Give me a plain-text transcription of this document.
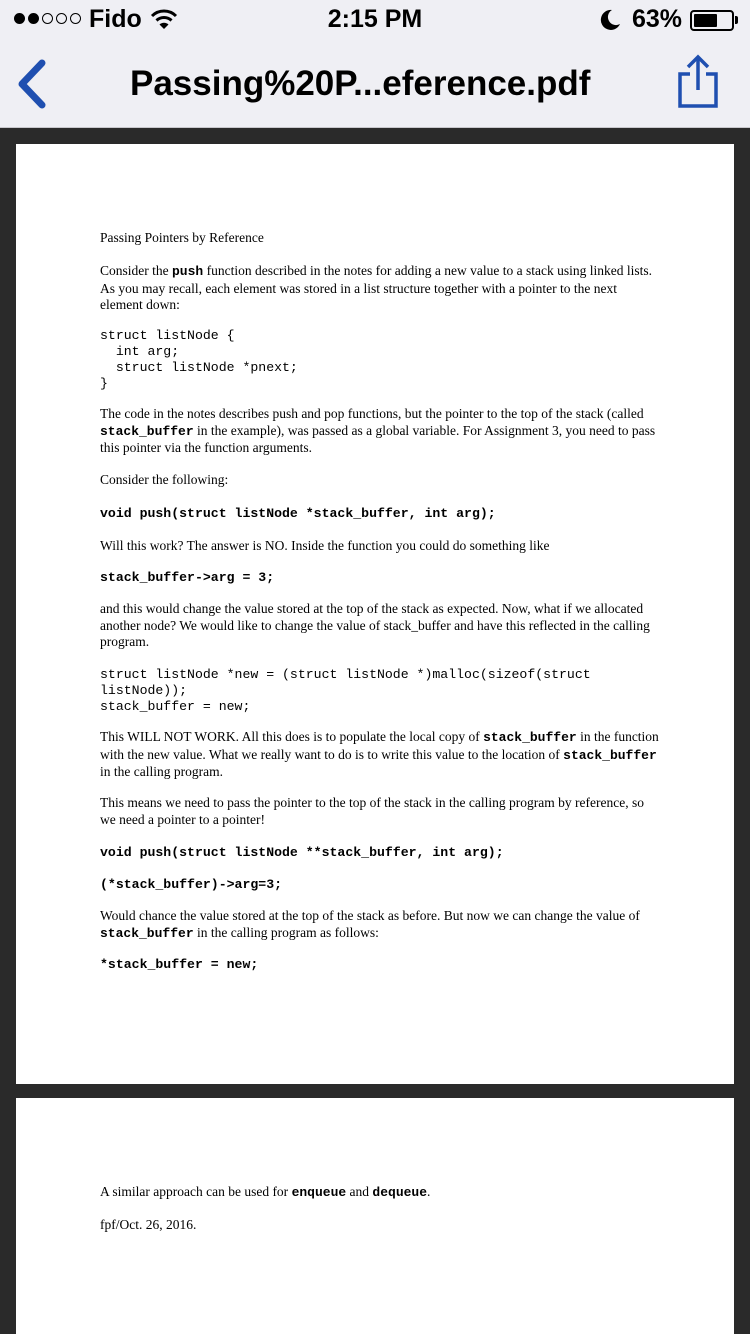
Fido	2:15 PM	63%
Passing%20P...eference.pdf
Passing Pointers by Reference
Consider the push function described in the notes for adding a new value to a stack using linked lists. As you may recall, each element was stored in a list structure together with a pointer to the next element down:
struct listNode {
int arg;
struct listNode *pnext;
}
The code in the notes describes push and pop functions, but the pointer to the top of the stack (called stack_buffer in the example), was passed as a global variable. For Assignment 3, you need to pass this pointer via the function arguments.
Consider the following:
void push(struct listNode *stack_buffer, int arg);
Will this work? The answer is NO. Inside the function you could do something like
stack_buffer->arg = 3;
and this would change the value stored at the top of the stack as expected. Now, what if we allocated another node? We would like to change the value of stack_buffer and have this reflected in the calling program.
struct listNode *new = (struct listNode *)malloc(sizeof(struct
listNode));
stack_buffer = new;
This WILL NOT WORK. All this does is to populate the local copy of stack_buffer in the function with the new value. What we really want to do is to write this value to the location of stack_buffer in the calling program.
This means we need to pass the pointer to the top of the stack in the calling program by reference, so we need a pointer to a pointer!
void push(struct listNode **stack_buffer, int arg);
(*stack_buffer)->arg=3;
Would chance the value stored at the top of the stack as before. But now we can change the value of stack_buffer in the calling program as follows:
*stack_buffer = new;
A similar approach can be used for enqueue and dequeue.
fpf/Oct. 26, 2016.
